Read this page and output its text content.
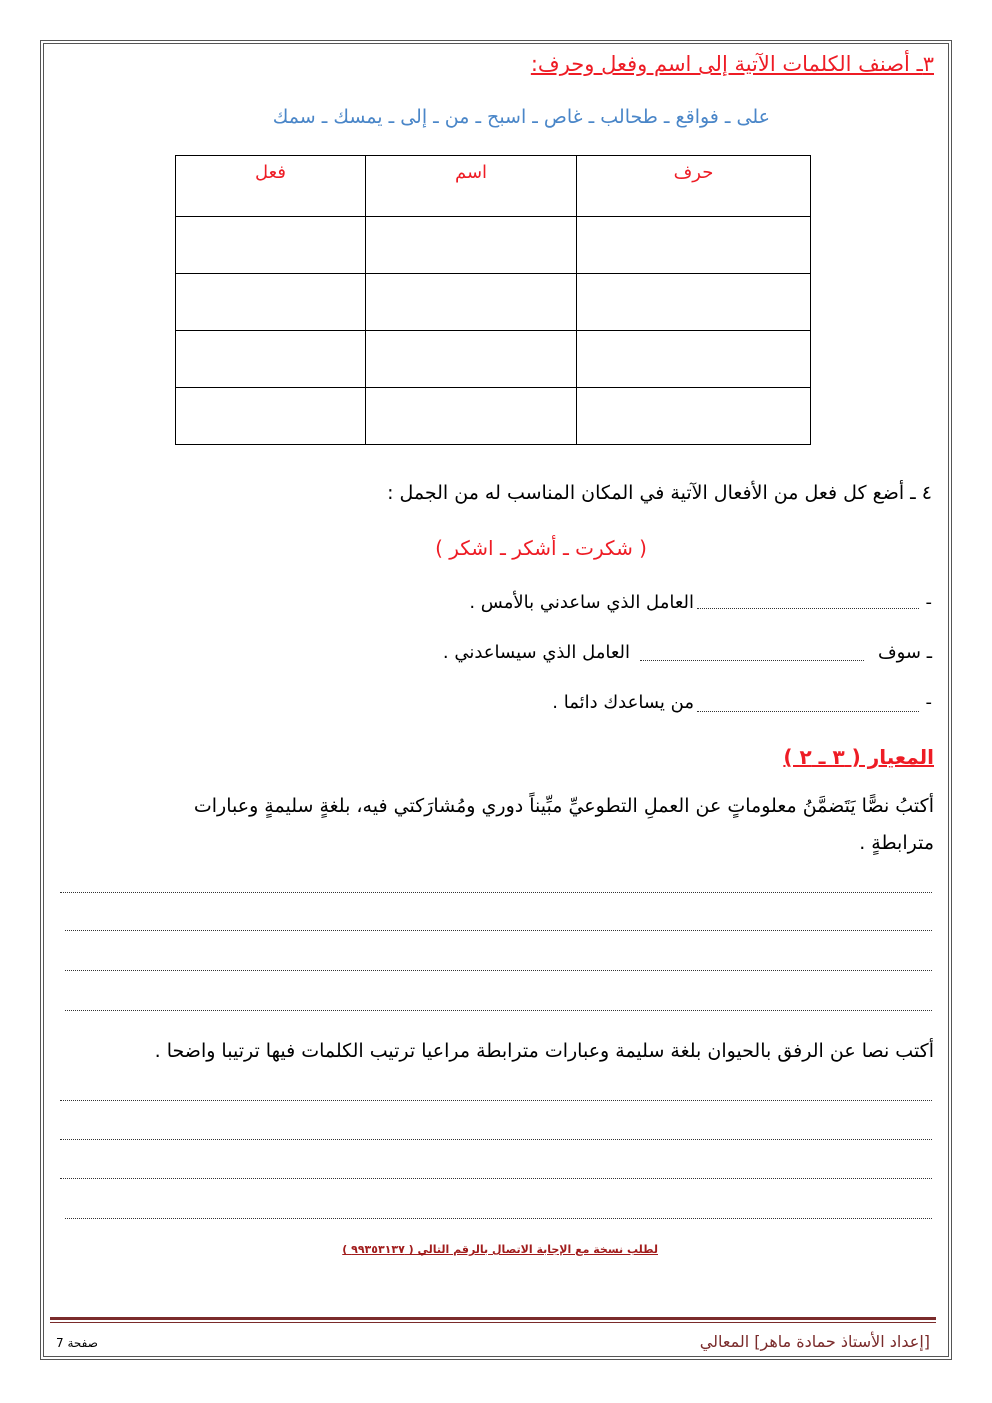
٣ـ أصنف الكلمات الآتية إلى اسم وفعل وحرف:
على ـ فواقع ـ طحالب ـ غاص ـ اسبح ـ من ـ إلى ـ يمسك ـ سمك
حرف	اسم	فعل

٤ ـ أضع كل فعل من الأفعال الآتية في المكان المناسب له من الجمل :
( شكرت ـ أشكر ـ اشكر )
-
العامل الذي ساعدني بالأمس .
ـ سوف
العامل الذي سيساعدني .
-
من يساعدك دائما .
المعيار ( ٣ ـ ٢ )
أكتبُ نصًّا يَتَضمَّنُ معلوماتٍ عن العملِ التطوعيِّ مبِّيناً دوري ومُشارَكتي فيه، بلغةٍ سليمةٍ وعبارات
مترابطةٍ .
أكتب نصا عن الرفق بالحيوان بلغة سليمة وعبارات مترابطة مراعيا ترتيب الكلمات فيها ترتيبا واضحا .
لطلب نسخة مع الإجابة الاتصال بالرقم التالي ( ٩٩٣٥٣١٣٧ )
[إعداد الأستاذ حمادة ماهر] المعالي
صفحة 7
